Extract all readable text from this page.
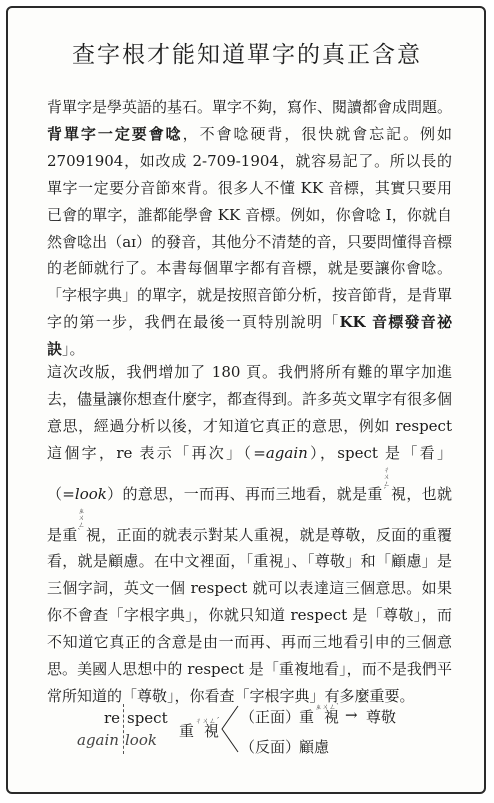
查字根才能知道單字的真正含意
背單字是學英語的基石。單字不夠，寫作、閱讀都會成問題。背單字一定要會唸，不會唸硬背，很快就會忘記。例如 27091904，如改成 2-709-1904，就容易記了。所以長的單字一定要分音節來背。很多人不懂 KK 音標，其實只要用已會的單字，誰都能學會 KK 音標。例如，你會唸 I，你就自然會唸出（aɪ）的發音，其他分不清楚的音，只要問懂得音標的老師就行了。本書每個單字都有音標，就是要讓你會唸。「字根字典」的單字，就是按照音節分析，按音節背，是背單字的第一步，我們在最後一頁特別說明「KK 音標發音祕訣」。
這次改版，我們增加了 180 頁。我們將所有難的單字加進去，儘量讓你想查什麼字，都查得到。許多英文單字有很多個意思，經過分析以後，才知道它真正的意思，例如 respect 這個字，re 表示「再次」（=again），spect 是「看」（=look）的意思，一而再、再而三地看，就是重ㄔㄨㄥˊ 視，也就是重ㄓㄨㄥˋ 視，正面的就表示對某人重視，就是尊敬，反面的重覆看，就是顧慮。在中文裡面，「重視」、「尊敬」和「顧慮」是三個字詞，英文一個 respect 就可以表達這三個意思。如果你不會查「字根字典」，你就只知道 respect 是「尊敬」，而不知道它真正的含意是由一而再、再而三地看引申的三個意思。美國人思想中的 respect 是「重複地看」，而不是我們平常所知道的「尊敬」，你看查「字根字典」有多麼重要。
re spect
again look 重
ㄔㄨㄥˊ
視
（正面）
重
ㄓㄨㄥˋ
視 → 尊敬
（反面）
顧慮
